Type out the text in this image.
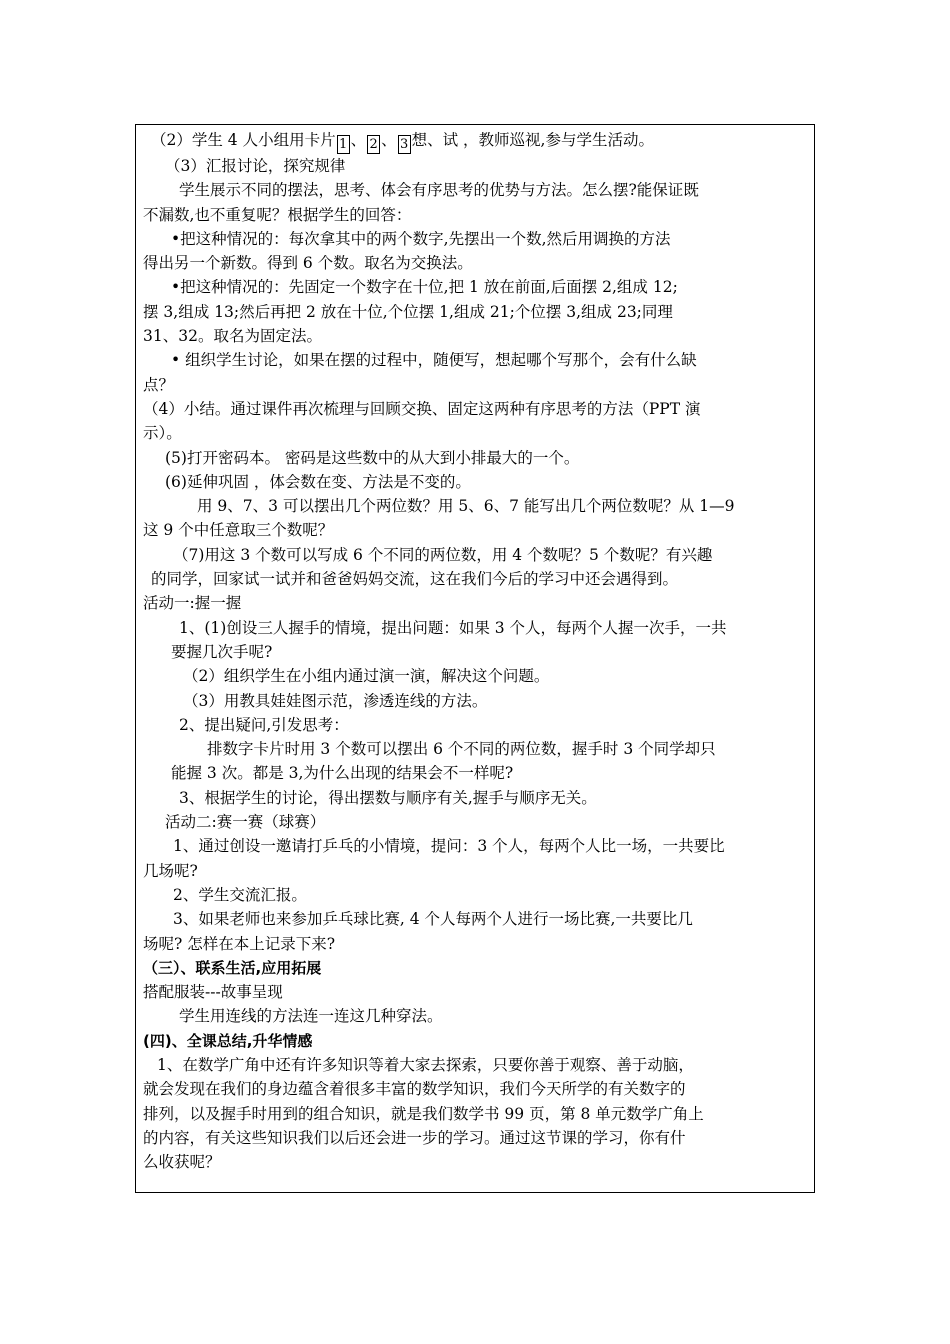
（2）学生 4 人小组用卡片 1 、 2 、 3 想、试 ，教师巡视,参与学生活动。
（3）汇报讨论，探究规律
学生展示不同的摆法，思考、体会有序思考的优势与方法。怎么摆?能保证既
不漏数,也不重复呢？根据学生的回答：
•把这种情况的：每次拿其中的两个数字,先摆出一个数,然后用调换的方法
得出另一个新数。得到 6 个数。取名为交换法。
•把这种情况的：先固定一个数字在十位,把 1 放在前面,后面摆 2,组成 12;
摆 3,组成 13;然后再把 2 放在十位,个位摆 1,组成 21;个位摆 3,组成 23;同理
31、32。取名为固定法。
• 组织学生讨论，如果在摆的过程中，随便写，想起哪个写那个，会有什么缺
点？
（4）小结。通过课件再次梳理与回顾交换、固定这两种有序思考的方法（PPT 演
示）。
(5)打开密码本。 密码是这些数中的从大到小排最大的一个。
(6)延伸巩固 ，体会数在变、方法是不变的。
用 9、7、3 可以摆出几个两位数？用 5、6、7 能写出几个两位数呢？从 1—9
这 9 个中任意取三个数呢？
（7)用这 3 个数可以写成 6 个不同的两位数，用 4 个数呢？5 个数呢？有兴趣
的同学，回家试一试并和爸爸妈妈交流，这在我们今后的学习中还会遇得到。
活动一:握一握
1、(1)创设三人握手的情境，提出问题：如果 3 个人，每两个人握一次手，一共
要握几次手呢?
（2）组织学生在小组内通过演一演，解决这个问题。
（3）用教具娃娃图示范，渗透连线的方法。
2、提出疑问,引发思考：
排数字卡片时用 3 个数可以摆出 6 个不同的两位数，握手时 3 个同学却只
能握 3 次。都是 3,为什么出现的结果会不一样呢?
3、根据学生的讨论，得出摆数与顺序有关,握手与顺序无关。
活动二:赛一赛（球赛）
1、通过创设一邀请打乒乓的小情境，提问：3 个人，每两个人比一场，一共要比
几场呢?
2、学生交流汇报。
3、如果老师也来参加乒乓球比赛, 4 个人每两个人进行一场比赛,一共要比几
场呢? 怎样在本上记录下来?
（三）、联系生活,应用拓展
搭配服装---故事呈现
学生用连线的方法连一连这几种穿法。
(四)、全课总结,升华情感
1、在数学广角中还有许多知识等着大家去探索，只要你善于观察、善于动脑，
就会发现在我们的身边蕴含着很多丰富的数学知识，我们今天所学的有关数字的
排列，以及握手时用到的组合知识，就是我们数学书 99 页，第 8 单元数学广角上
的内容，有关这些知识我们以后还会进一步的学习。通过这节课的学习，你有什
么收获呢？
